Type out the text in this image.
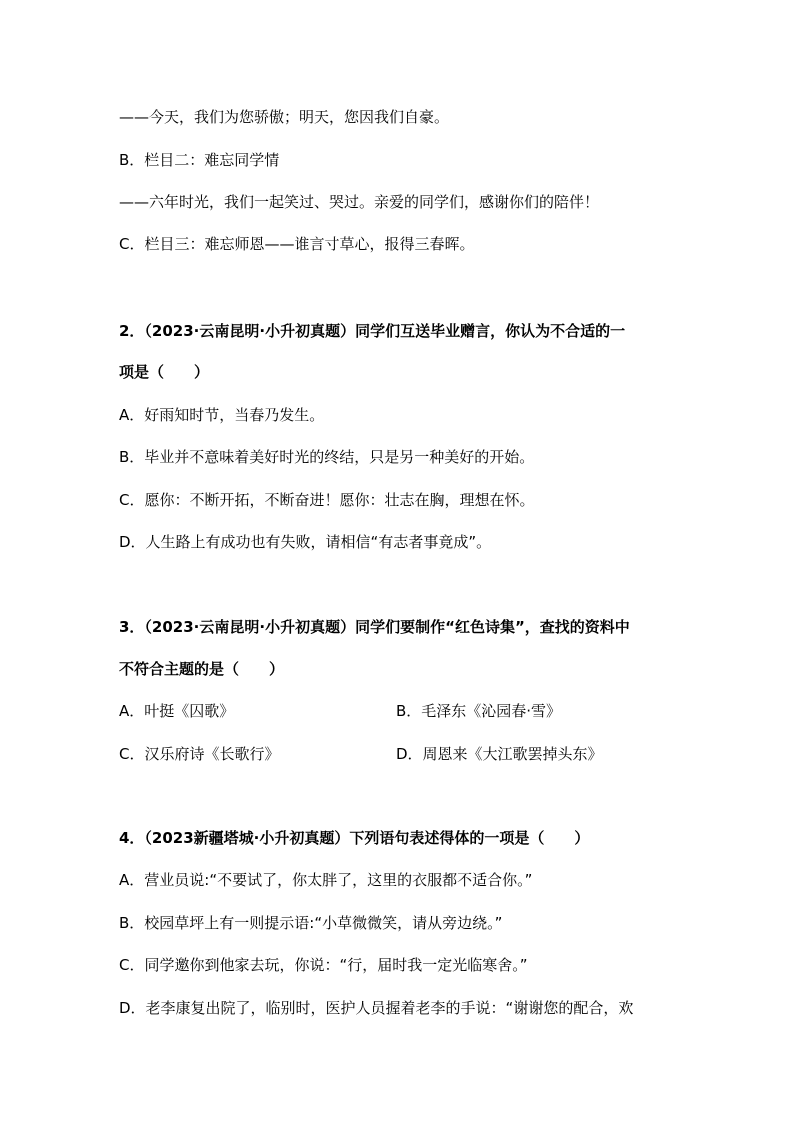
——今天，我们为您骄傲；明天，您因我们自豪。
B．栏目二：难忘同学情
——六年时光，我们一起笑过、哭过。亲爱的同学们，感谢你们的陪伴！
C．栏目三：难忘师恩——谁言寸草心，报得三春晖。
2．（2023·云南昆明·小升初真题）同学们互送毕业赠言，你认为不合适的一
项是（　　）
A．好雨知时节，当春乃发生。
B．毕业并不意味着美好时光的终结，只是另一种美好的开始。
C．愿你：不断开拓，不断奋进！愿你：壮志在胸，理想在怀。
D．人生路上有成功也有失败，请相信“有志者事竟成”。
3．（2023·云南昆明·小升初真题）同学们要制作“红色诗集”，查找的资料中
不符合主题的是（　　）
A．叶挺《囚歌》	B．毛泽东《沁园春·雪》
C．汉乐府诗《长歌行》	D．周恩来《大江歌罢掉头东》
4．（2023新疆塔城·小升初真题）下列语句表述得体的一项是（　　）
A．营业员说:“不要试了，你太胖了，这里的衣服都不适合你。”
B．校园草坪上有一则提示语:“小草微微笑，请从旁边绕。”
C．同学邀你到他家去玩，你说：“行，届时我一定光临寒舍。”
D．老李康复出院了，临别时，医护人员握着老李的手说：“谢谢您的配合，欢
